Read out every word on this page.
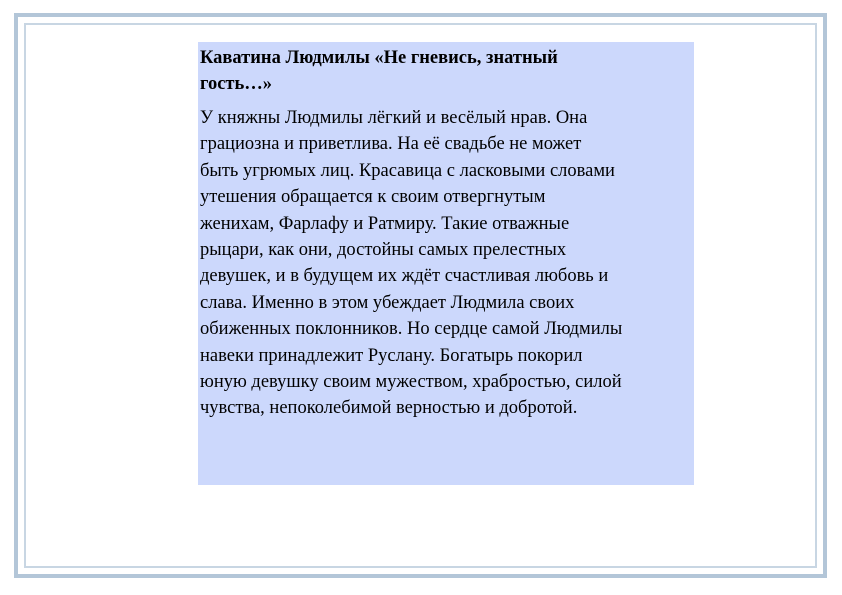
Каватина Людмилы «Не гневись, знатный
гость…»

У княжны Людмилы лёгкий и весёлый нрав. Она
грациозна и приветлива. На её свадьбе не может
быть угрюмых лиц. Красавица с ласковыми словами
утешения обращается к своим отвергнутым
женихам, Фарлафу и Ратмиру. Такие отважные
рыцари, как они, достойны самых прелестных
девушек, и в будущем их ждёт счастливая любовь и
слава. Именно в этом убеждает Людмила своих
обиженных поклонников. Но сердце самой Людмилы
навеки принадлежит Руслану. Богатырь покорил
юную девушку своим мужеством, храбростью, силой
чувства, непоколебимой верностью и добротой.
